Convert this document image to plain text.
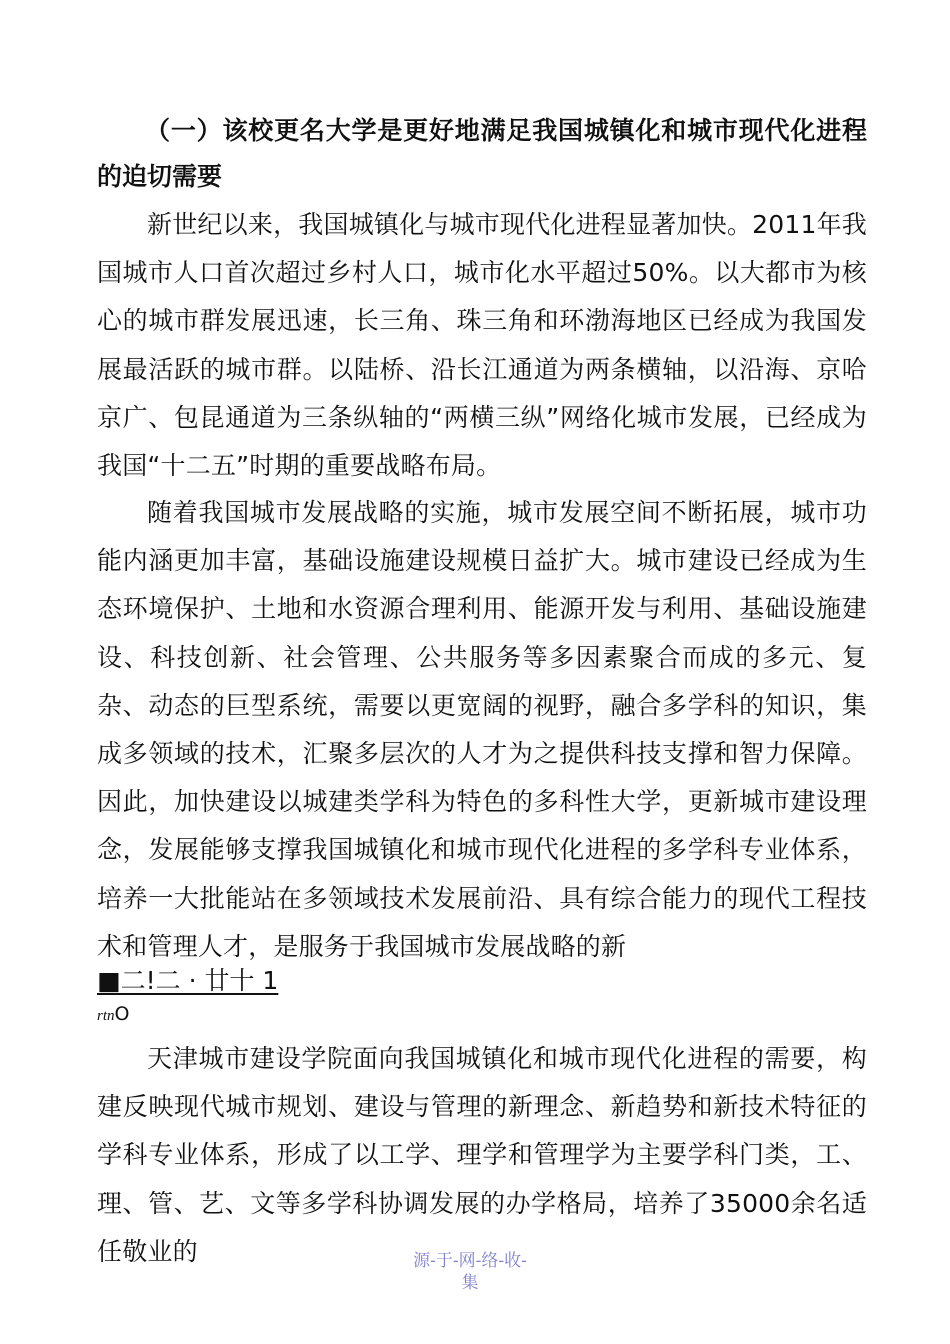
（一）该校更名大学是更好地满足我国城镇化和城市现代化进程的迫切需要

新世纪以来，我国城镇化与城市现代化进程显著加快。2011年我国城市人口首次超过乡村人口，城市化水平超过50%。以大都市为核心的城市群发展迅速，长三角、珠三角和环渤海地区已经成为我国发展最活跃的城市群。以陆桥、沿长江通道为两条横轴，以沿海、京哈京广、包昆通道为三条纵轴的“两横三纵”网络化城市发展，已经成为我国“十二五”时期的重要战略布局。

随着我国城市发展战略的实施，城市发展空间不断拓展，城市功能内涵更加丰富，基础设施建设规模日益扩大。城市建设已经成为生态环境保护、土地和水资源合理利用、能源开发与利用、基础设施建设、科技创新、社会管理、公共服务等多因素聚合而成的多元、复杂、动态的巨型系统，需要以更宽阔的视野，融合多学科的知识，集成多领域的技术，汇聚多层次的人才为之提供科技支撑和智力保障。因此，加快建设以城建类学科为特色的多科性大学，更新城市建设理念，发展能够支撑我国城镇化和城市现代化进程的多学科专业体系，培养一大批能站在多领域技术发展前沿、具有综合能力的现代工程技术和管理人才，是服务于我国城市发展战略的新

■二!二 · 廿十 1

rtnO

天津城市建设学院面向我国城镇化和城市现代化进程的需要，构建反映现代城市规划、建设与管理的新理念、新趋势和新技术特征的学科专业体系，形成了以工学、理学和管理学为主要学科门类，工、理、管、艺、文等多学科协调发展的办学格局，培养了35000余名适任敬业的	源-于-网-络-收-
集
